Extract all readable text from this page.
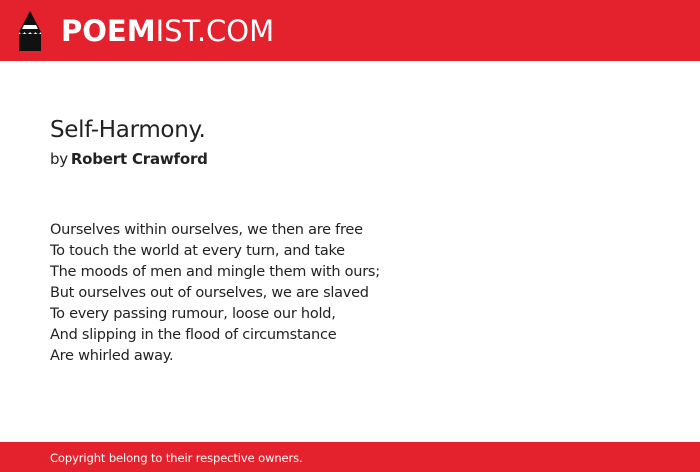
POEM IST.COM
Self-Harmony.
by Robert Crawford
Ourselves within ourselves, we then are free
To touch the world at every turn, and take
The moods of men and mingle them with ours;
But ourselves out of ourselves, we are slaved
To every passing rumour, loose our hold,
And slipping in the flood of circumstance
Are whirled away.
Copyright belong to their respective owners.
